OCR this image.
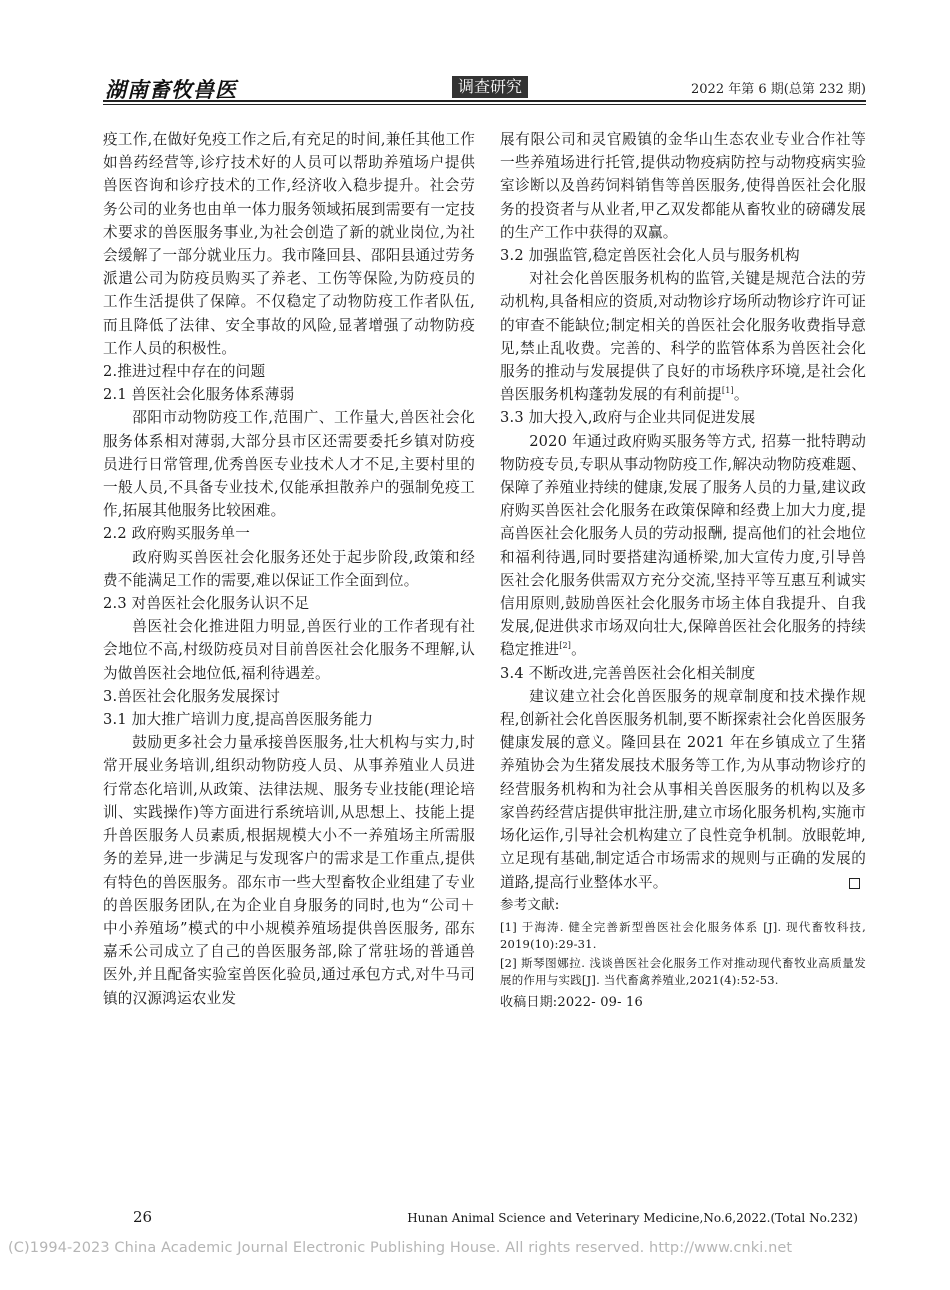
湖南畜牧兽医	调查研究	2022 年第 6 期(总第 232 期)

疫工作,在做好免疫工作之后,有充足的时间,兼任其他工作如兽药经营等,诊疗技术好的人员可以帮助养殖场户提供兽医咨询和诊疗技术的工作,经济收入稳步提升。社会劳务公司的业务也由单一体力服务领域拓展到需要有一定技术要求的兽医服务事业,为社会创造了新的就业岗位,为社会缓解了一部分就业压力。我市隆回县、邵阳县通过劳务派遣公司为防疫员购买了养老、工伤等保险,为防疫员的工作生活提供了保障。不仅稳定了动物防疫工作者队伍,而且降低了法律、安全事故的风险,显著增强了动物防疫工作人员的积极性。

2.推进过程中存在的问题

2.1 兽医社会化服务体系薄弱

邵阳市动物防疫工作,范围广、工作量大,兽医社会化服务体系相对薄弱,大部分县市区还需要委托乡镇对防疫员进行日常管理,优秀兽医专业技术人才不足,主要村里的一般人员,不具备专业技术,仅能承担散养户的强制免疫工作,拓展其他服务比较困难。

2.2 政府购买服务单一

政府购买兽医社会化服务还处于起步阶段,政策和经费不能满足工作的需要,难以保证工作全面到位。

2.3 对兽医社会化服务认识不足

兽医社会化推进阻力明显,兽医行业的工作者现有社会地位不高,村级防疫员对目前兽医社会化服务不理解,认为做兽医社会地位低,福利待遇差。

3.兽医社会化服务发展探讨

3.1 加大推广培训力度,提高兽医服务能力

鼓励更多社会力量承接兽医服务,壮大机构与实力,时常开展业务培训,组织动物防疫人员、从事养殖业人员进行常态化培训,从政策、法律法规、服务专业技能(理论培训、实践操作)等方面进行系统培训,从思想上、技能上提升兽医服务人员素质,根据规模大小不一养殖场主所需服务的差异,进一步满足与发现客户的需求是工作重点,提供有特色的兽医服务。邵东市一些大型畜牧企业组建了专业的兽医服务团队,在为企业自身服务的同时,也为“公司＋中小养殖场”模式的中小规模养殖场提供兽医服务, 邵东嘉禾公司成立了自己的兽医服务部,除了常驻场的普通兽医外,并且配备实验室兽医化验员,通过承包方式,对牛马司镇的汉源鸿运农业发

展有限公司和灵官殿镇的金华山生态农业专业合作社等一些养殖场进行托管,提供动物疫病防控与动物疫病实验室诊断以及兽药饲料销售等兽医服务,使得兽医社会化服务的投资者与从业者,甲乙双发都能从畜牧业的磅礴发展的生产工作中获得的双赢。

3.2 加强监管,稳定兽医社会化人员与服务机构

对社会化兽医服务机构的监管,关键是规范合法的劳动机构,具备相应的资质,对动物诊疗场所动物诊疗许可证的审查不能缺位;制定相关的兽医社会化服务收费指导意见,禁止乱收费。完善的、科学的监管体系为兽医社会化服务的推动与发展提供了良好的市场秩序环境,是社会化兽医服务机构蓬勃发展的有利前提[1]。

3.3 加大投入,政府与企业共同促进发展

2020 年通过政府购买服务等方式, 招募一批特聘动物防疫专员,专职从事动物防疫工作,解决动物防疫难题、保障了养殖业持续的健康,发展了服务人员的力量,建议政府购买兽医社会化服务在政策保障和经费上加大力度,提高兽医社会化服务人员的劳动报酬, 提高他们的社会地位和福利待遇,同时要搭建沟通桥梁,加大宣传力度,引导兽医社会化服务供需双方充分交流,坚持平等互惠互利诚实信用原则,鼓励兽医社会化服务市场主体自我提升、自我发展,促进供求市场双向壮大,保障兽医社会化服务的持续稳定推进[2]。

3.4 不断改进,完善兽医社会化相关制度

建议建立社会化兽医服务的规章制度和技术操作规程,创新社会化兽医服务机制,要不断探索社会化兽医服务健康发展的意义。隆回县在 2021 年在乡镇成立了生猪养殖协会为生猪发展技术服务等工作,为从事动物诊疗的经营服务机构和为社会从事相关兽医服务的机构以及多家兽药经营店提供审批注册,建立市场化服务机构,实施市场化运作,引导社会机构建立了良性竞争机制。放眼乾坤,立足现有基础,制定适合市场需求的规则与正确的发展的道路,提高行业整体水平。

参考文献:

[1] 于海涛. 健全完善新型兽医社会化服务体系 [J]. 现代畜牧科技, 2019(10):29-31.

[2] 斯琴图娜拉. 浅谈兽医社会化服务工作对推动现代畜牧业高质量发展的作用与实践[J]. 当代畜禽养殖业,2021(4):52-53.

收稿日期:2022- 09- 16

26	Hunan Animal Science and Veterinary Medicine,No.6,2022.(Total No.232)
(C)1994-2023 China Academic Journal Electronic Publishing House. All rights reserved. http://www.cnki.net
